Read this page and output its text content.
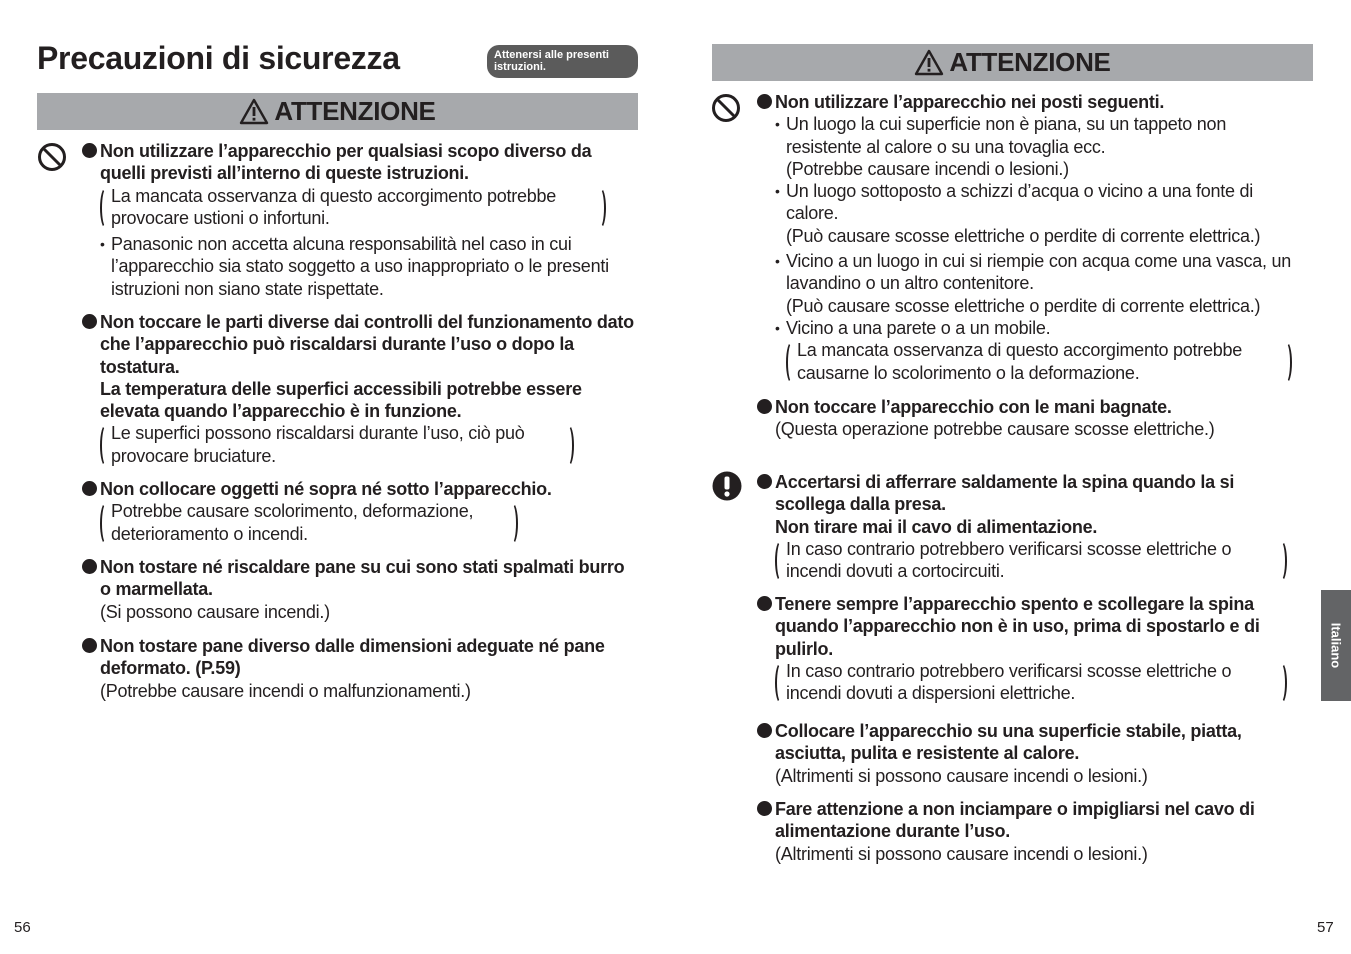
Precauzioni di sicurezza	Attenersi alle presenti istruzioni.
ATTENZIONE
Non utilizzare l’apparecchio per qualsiasi scopo diverso da quelli previsti all’interno di queste istruzioni.
La mancata osservanza di questo accorgimento potrebbe provocare ustioni o infortuni.
• Panasonic non accetta alcuna responsabilità nel caso in cui l’apparecchio sia stato soggetto a uso inappropriato o le presenti istruzioni non siano state rispettate.
Non toccare le parti diverse dai controlli del funzionamento dato che l’apparecchio può riscaldarsi durante l’uso o dopo la tostatura.
La temperatura delle superfici accessibili potrebbe essere elevata quando l’apparecchio è in funzione.
Le superfici possono riscaldarsi durante l’uso, ciò può provocare bruciature.
Non collocare oggetti né sopra né sotto l’apparecchio.
Potrebbe causare scolorimento, deformazione, deterioramento o incendi.
Non tostare né riscaldare pane su cui sono stati spalmati burro o marmellata.
(Si possono causare incendi.)
Non tostare pane diverso dalle dimensioni adeguate né pane deformato. (P.59)
(Potrebbe causare incendi o malfunzionamenti.)
56
ATTENZIONE
Non utilizzare l’apparecchio nei posti seguenti.
• Un luogo la cui superficie non è piana, su un tappeto non resistente al calore o su una tovaglia ecc.
(Potrebbe causare incendi o lesioni.)
• Un luogo sottoposto a schizzi d’acqua o vicino a una fonte di calore.
(Può causare scosse elettriche o perdite di corrente elettrica.)
• Vicino a un luogo in cui si riempie con acqua come una vasca, un lavandino o un altro contenitore.
(Può causare scosse elettriche o perdite di corrente elettrica.)
• Vicino a una parete o a un mobile.
La mancata osservanza di questo accorgimento potrebbe causarne lo scolorimento o la deformazione.
Non toccare l’apparecchio con le mani bagnate.
(Questa operazione potrebbe causare scosse elettriche.)
Accertarsi di afferrare saldamente la spina quando la si scollega dalla presa.
Non tirare mai il cavo di alimentazione.
In caso contrario potrebbero verificarsi scosse elettriche o incendi dovuti a cortocircuiti.
Tenere sempre l’apparecchio spento e scollegare la spina quando l’apparecchio non è in uso, prima di spostarlo e di pulirlo.
In caso contrario potrebbero verificarsi scosse elettriche o incendi dovuti a dispersioni elettriche.
Collocare l’apparecchio su una superficie stabile, piatta, asciutta, pulita e resistente al calore.
(Altrimenti si possono causare incendi o lesioni.)
Fare attenzione a non inciampare o impigliarsi nel cavo di alimentazione durante l’uso.
(Altrimenti si possono causare incendi o lesioni.)
57
Italiano
